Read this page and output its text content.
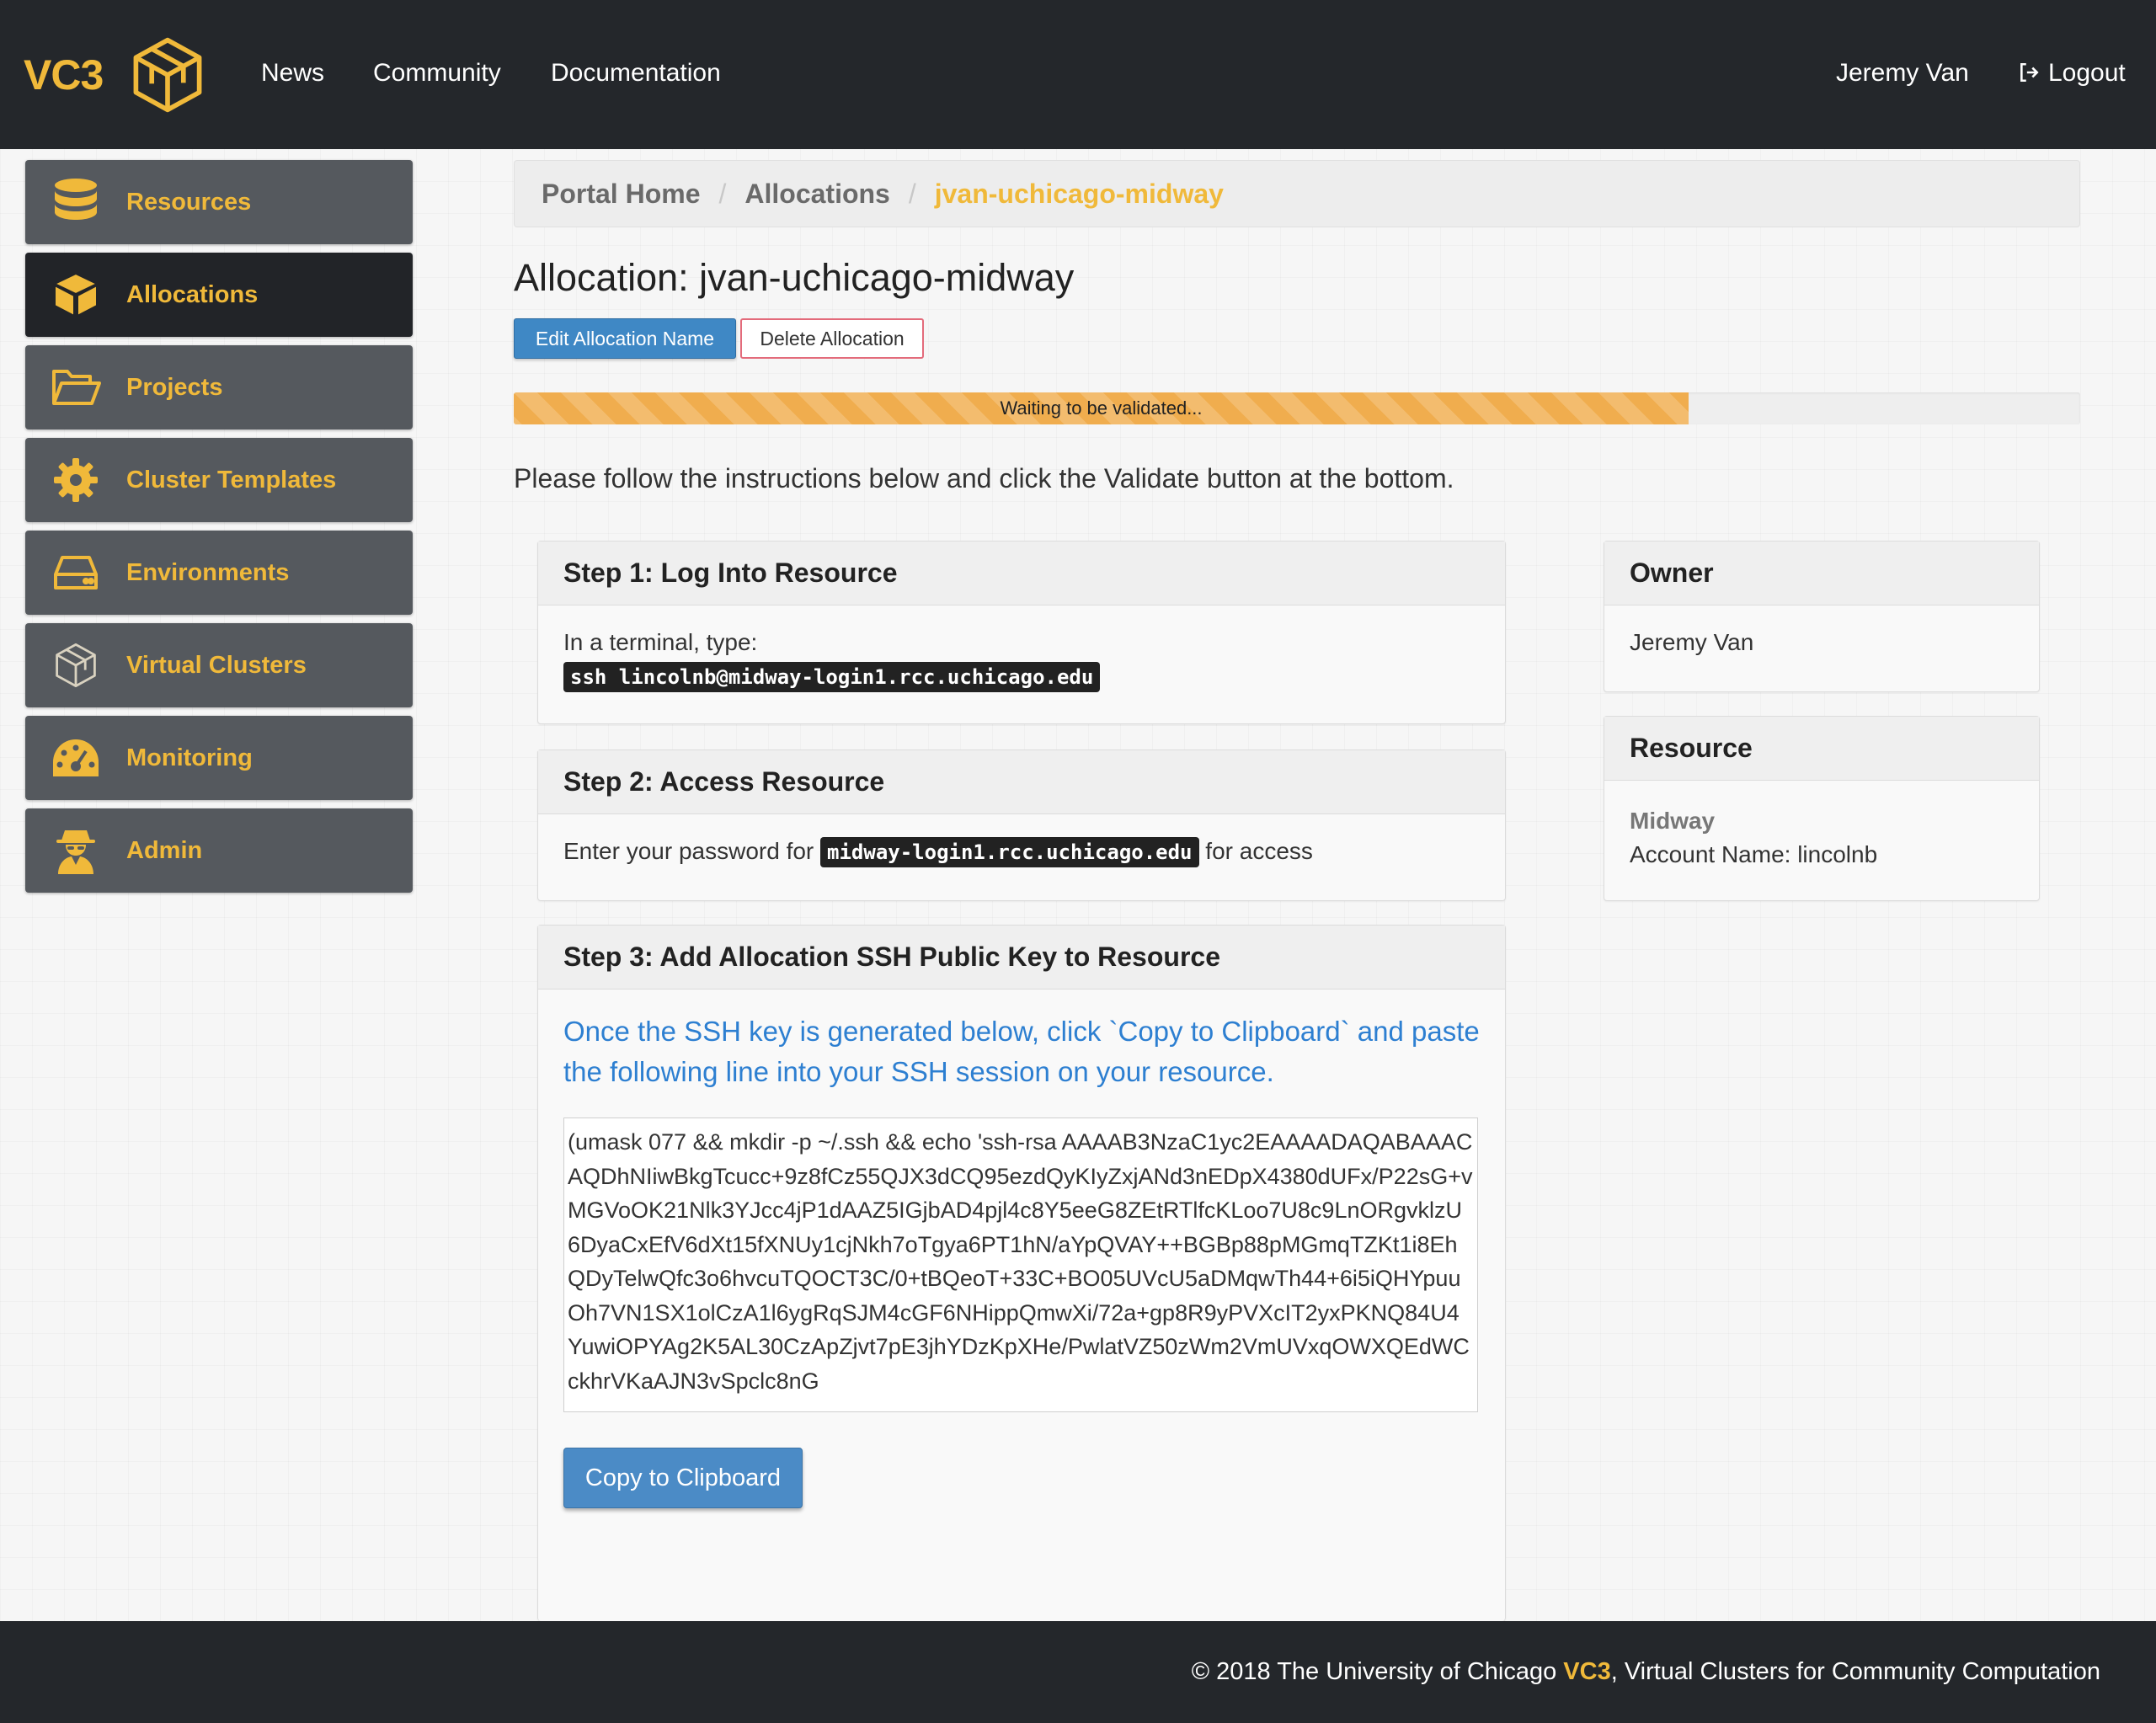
VC3	News Community Documentation	Jeremy Van	Logout
Resources
Allocations
Projects
Cluster Templates
Environments
Virtual Clusters
Monitoring
Admin
Portal Home / Allocations / jvan-uchicago-midway
Allocation: jvan-uchicago-midway
Edit Allocation Name	Delete Allocation
Waiting to be validated...
Please follow the instructions below and click the Validate button at the bottom.
Step 1: Log Into Resource
In a terminal, type:
ssh lincolnb@midway-login1.rcc.uchicago.edu
Step 2: Access Resource
Enter your password for midway-login1.rcc.uchicago.edu for access
Step 3: Add Allocation SSH Public Key to Resource
Once the SSH key is generated below, click `Copy to Clipboard` and paste the following line into your SSH session on your resource.
(umask 077 && mkdir -p ~/.ssh && echo 'ssh-rsa AAAAB3NzaC1yc2EAAAADAQABAAACAQDhNIiwBkgTcucc+9z8fCz55QJX3dCQ95ezdQyKIyZxjANd3nEDpX4380dUFx/P22sG+vMGVoOK21Nlk3YJcc4jP1dAAZ5IGjbAD4pjl4c8Y5eeG8ZEtRTlfcKLoo7U8c9LnORgvklzU6DyaCxEfV6dXt15fXNUy1cjNkh7oTgya6PT1hN/aYpQVAY++BGBp88pMGmqTZKt1i8EhQDyTelwQfc3o6hvcuTQOCT3C/0+tBQeoT+33C+BO05UVcU5aDMqwTh44+6i5iQHYpuuOh7VN1SX1olCzA1l6ygRqSJM4cGF6NHippQmwXi/72a+gp8R9yPVXcIT2yxPKNQ84U4YuwiOPYAg2K5AL30CzApZjvt7pE3jhYDzKpXHe/PwlatVZ50zWm2VmUVxqOWXQEdWCckhrVKaAJN3vSpclc8nG
Copy to Clipboard
Owner
Jeremy Van
Resource
Midway
Account Name: lincolnb
© 2018 The University of Chicago VC3, Virtual Clusters for Community Computation
